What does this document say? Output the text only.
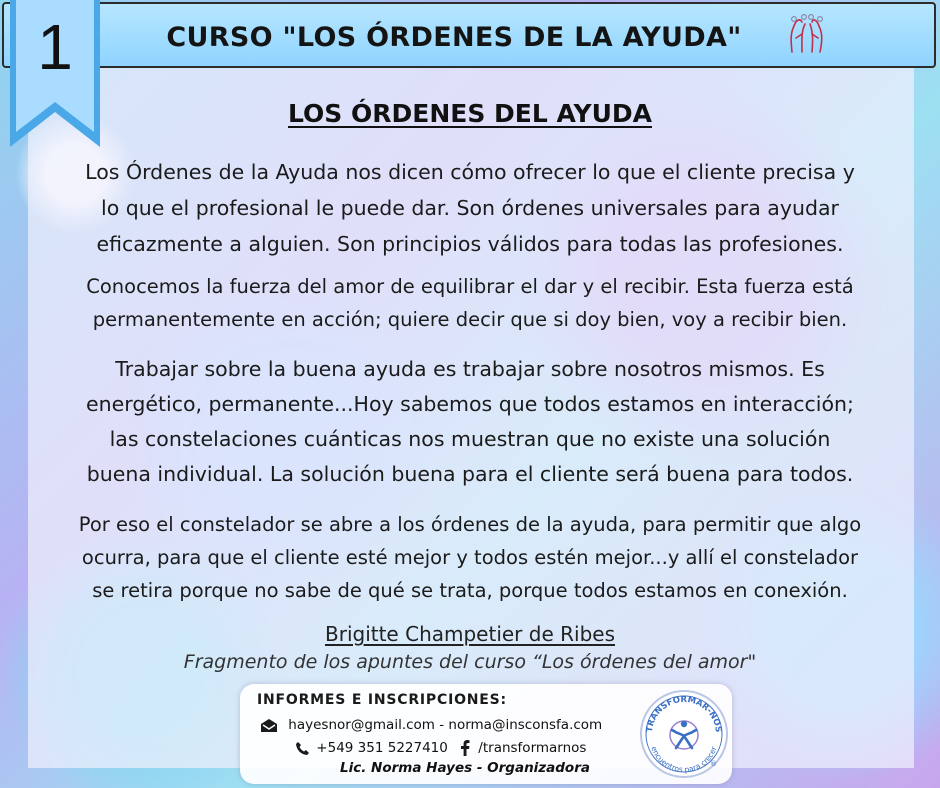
CURSO "LOS ÓRDENES DE LA AYUDA"
1
LOS ÓRDENES DEL AYUDA
Los Órdenes de la Ayuda nos dicen cómo ofrecer lo que el cliente precisa y
lo que el profesional le puede dar. Son órdenes universales para ayudar
eficazmente a alguien. Son principios válidos para todas las profesiones.
Conocemos la fuerza del amor de equilibrar el dar y el recibir. Esta fuerza está
permanentemente en acción; quiere decir que si doy bien, voy a recibir bien.
Trabajar sobre la buena ayuda es trabajar sobre nosotros mismos. Es
energético, permanente...Hoy sabemos que todos estamos en interacción;
las constelaciones cuánticas nos muestran que no existe una solución
buena individual. La solución buena para el cliente será buena para todos.
Por eso el constelador se abre a los órdenes de la ayuda, para permitir que algo
ocurra, para que el cliente esté mejor y todos estén mejor...y allí el constelador
se retira porque no sabe de qué se trata, porque todos estamos en conexión.
Brigitte Champetier de Ribes
Fragmento de los apuntes del curso “Los órdenes del amor"
INFORMES E INSCRIPCIONES:
hayesnor@gmail.com - norma@insconsfa.com
+549 351 5227410	/transformarnos
Lic. Norma Hayes - Organizadora
TRANSFORMAR-NOS
encuentros para crecer
®
